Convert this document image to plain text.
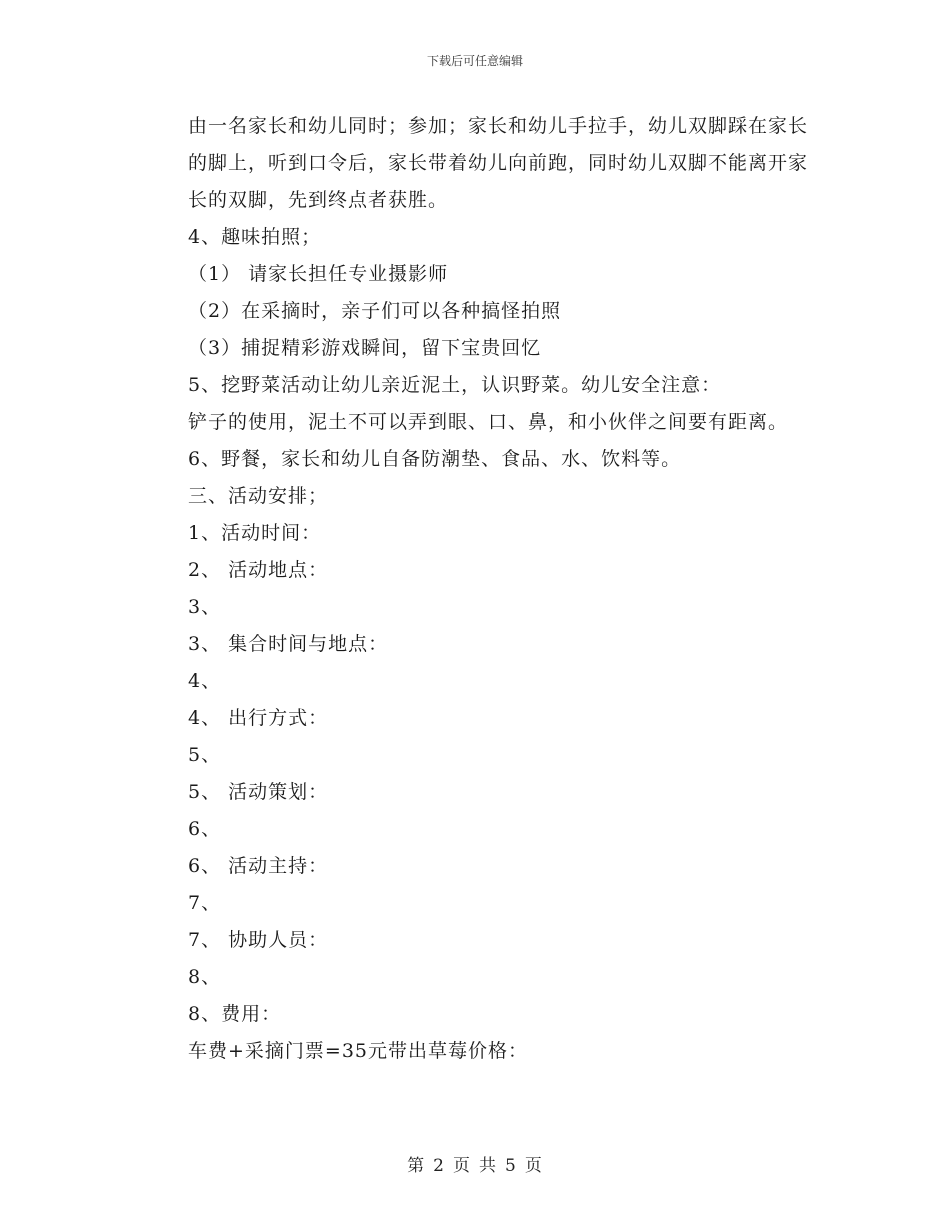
下载后可任意编辑

由一名家长和幼儿同时；参加；家长和幼儿手拉手，幼儿双脚踩在家长的脚上，听到口令后，家长带着幼儿向前跑，同时幼儿双脚不能离开家长的双脚，先到终点者获胜。

4、趣味拍照；

（1） 请家长担任专业摄影师

（2）在采摘时，亲子们可以各种搞怪拍照

（3）捕捉精彩游戏瞬间，留下宝贵回忆

5、挖野菜活动让幼儿亲近泥土，认识野菜。幼儿安全注意：

铲子的使用，泥土不可以弄到眼、口、鼻，和小伙伴之间要有距离。

6、野餐，家长和幼儿自备防潮垫、食品、水、饮料等。

三、活动安排；

1、活动时间：

2、 活动地点：

3、

3、 集合时间与地点：

4、

4、 出行方式：

5、

5、 活动策划：

6、

6、 活动主持：

7、

7、 协助人员：

8、

8、费用：

车费+采摘门票=35元带出草莓价格：

第 2 页 共 5 页
